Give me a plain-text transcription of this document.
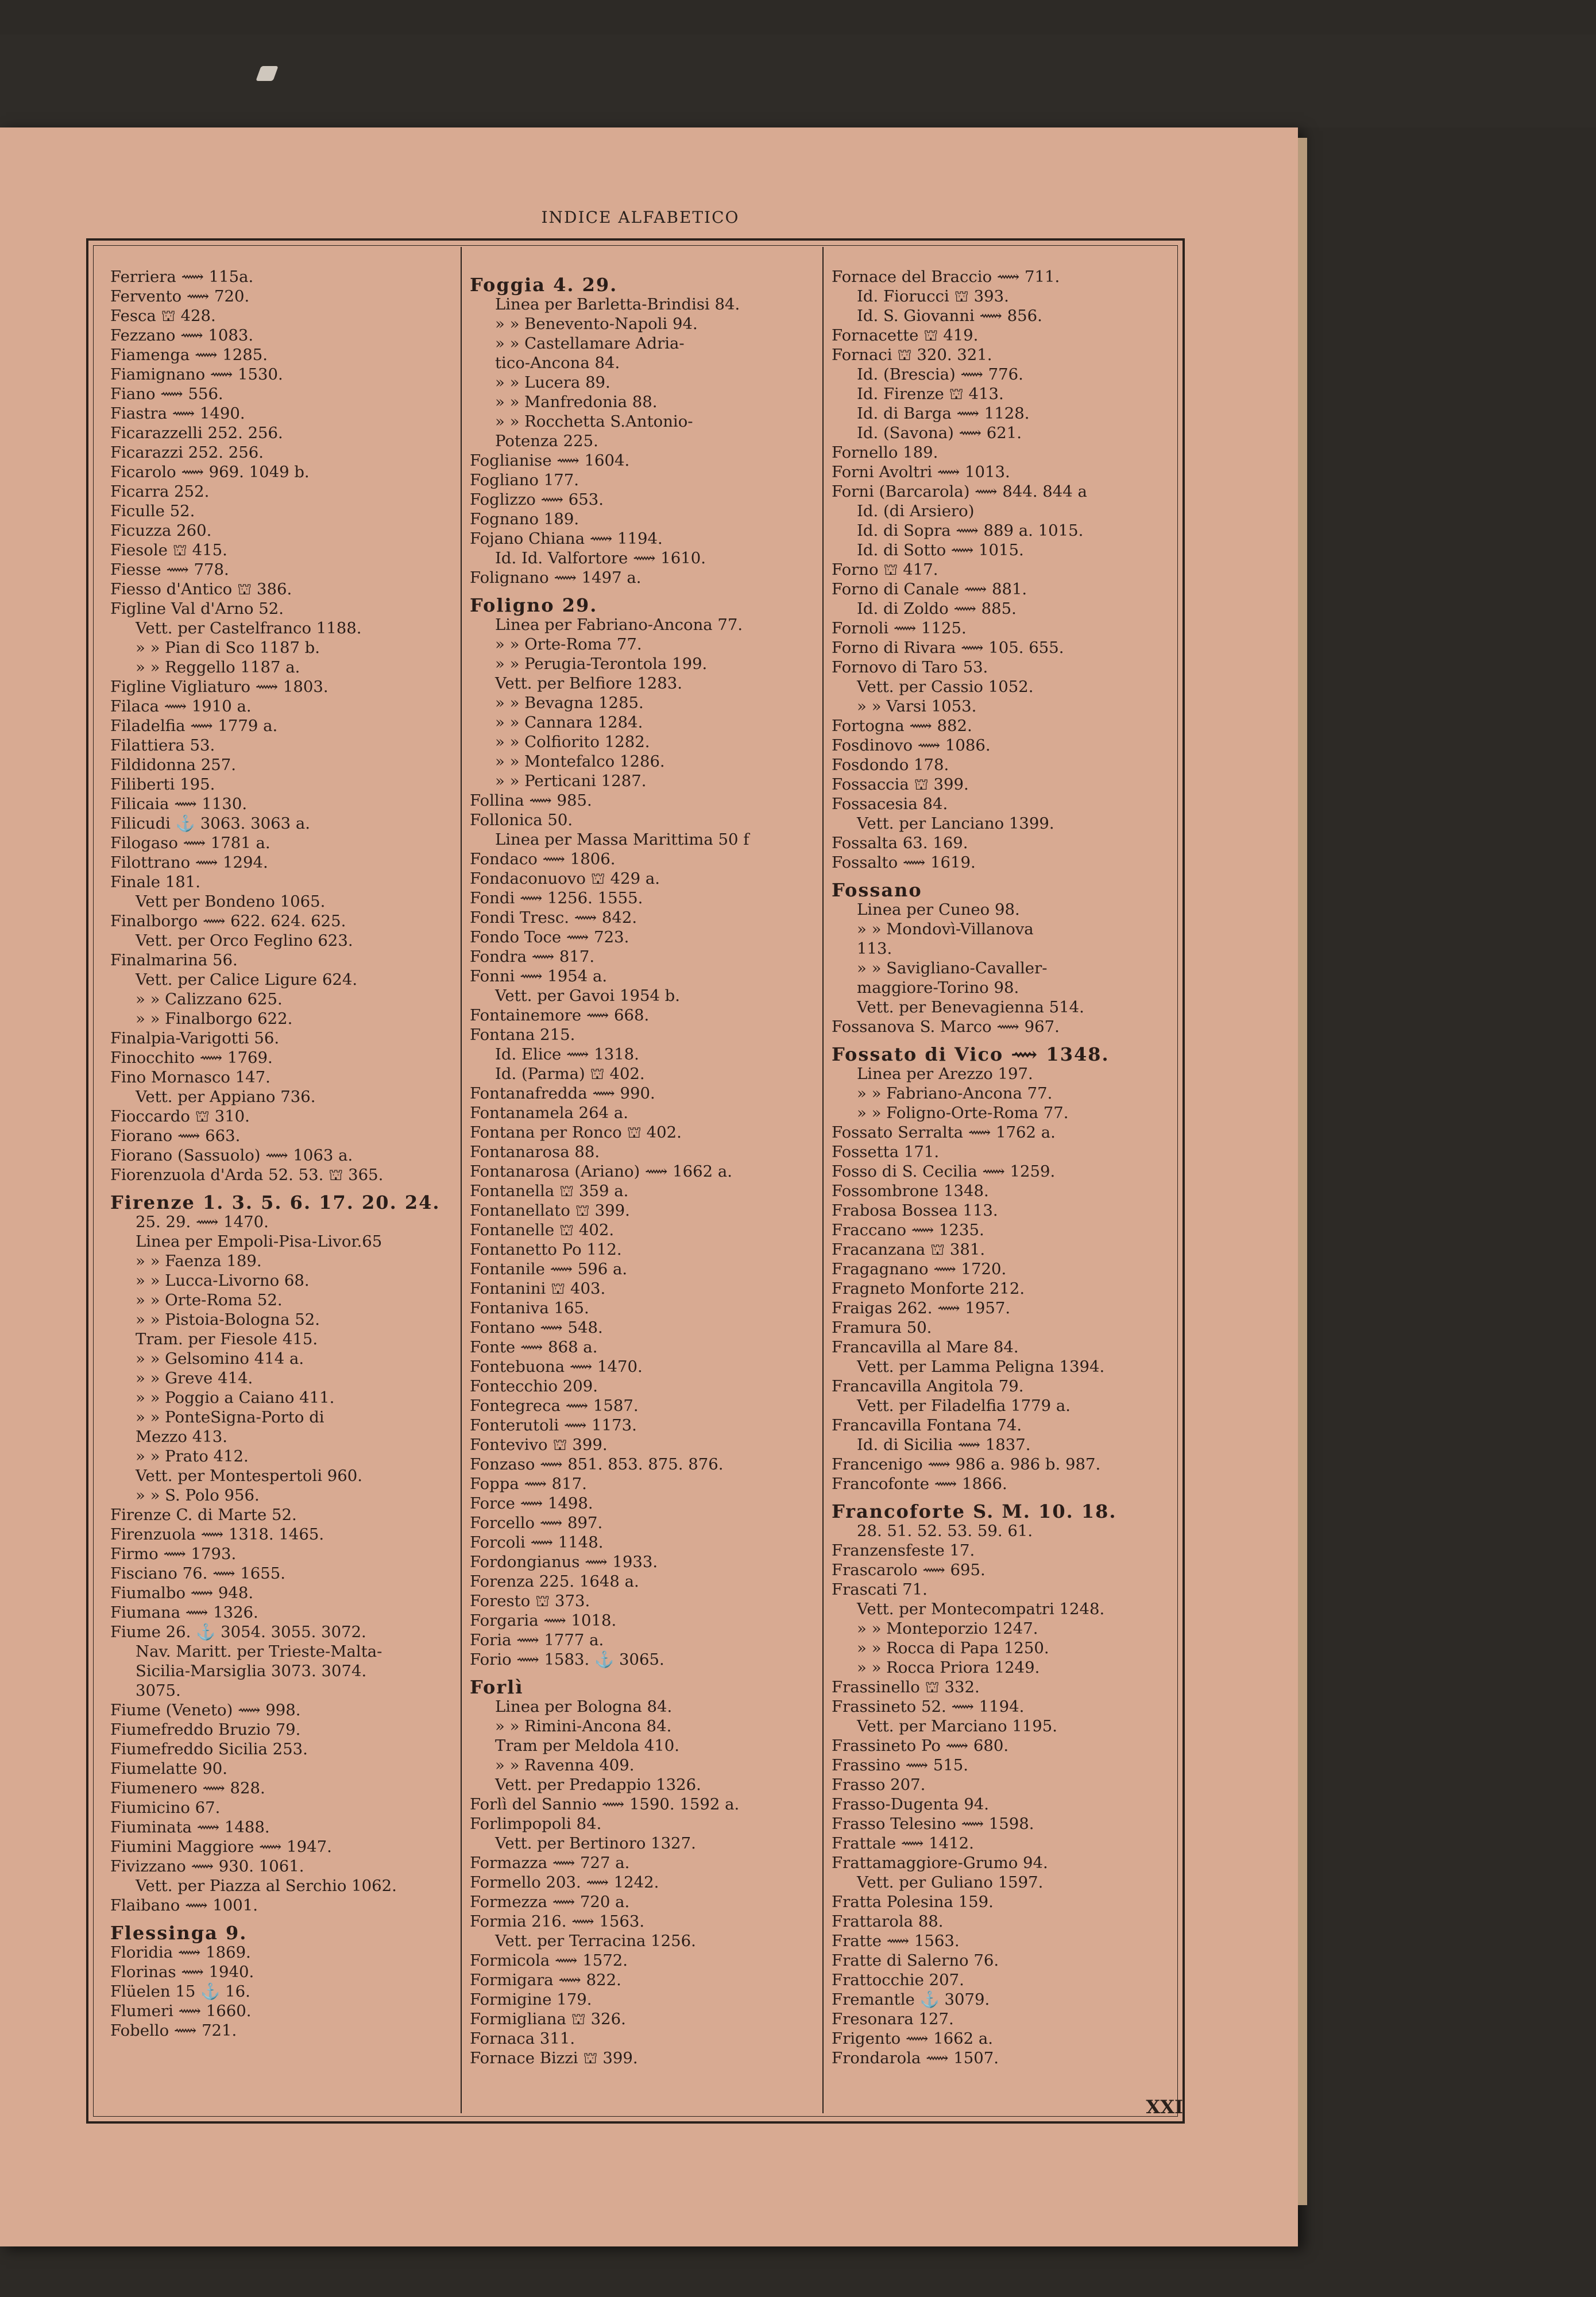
INDICE ALFABETICO
Ferriera ⟿ 115a.
Fervento ⟿ 720.
Fesca ⛫ 428.
Fezzano ⟿ 1083.
Fiamenga ⟿ 1285.
Fiamignano ⟿ 1530.
Fiano ⟿ 556.
Fiastra ⟿ 1490.
Ficarazzelli 252. 256.
Ficarazzi 252. 256.
Ficarolo ⟿ 969. 1049 b.
Ficarra 252.
Ficulle 52.
Ficuzza 260.
Fiesole ⛫ 415.
Fiesse ⟿ 778.
Fiesso d'Antico ⛫ 386.
Figline Val d'Arno 52.
Vett. per Castelfranco 1188.
» » Pian di Sco 1187 b.
» » Reggello 1187 a.
Figline Vigliaturo ⟿ 1803.
Filaca ⟿ 1910 a.
Filadelfia ⟿ 1779 a.
Filattiera 53.
Fildidonna 257.
Filiberti 195.
Filicaia ⟿ 1130.
Filicudi ⚓ 3063. 3063 a.
Filogaso ⟿ 1781 a.
Filottrano ⟿ 1294.
Finale 181.
Vett per Bondeno 1065.
Finalborgo ⟿ 622. 624. 625.
Vett. per Orco Feglino 623.
Finalmarina 56.
Vett. per Calice Ligure 624.
» » Calizzano 625.
» » Finalborgo 622.
Finalpia-Varigotti 56.
Finocchito ⟿ 1769.
Fino Mornasco 147.
Vett. per Appiano 736.
Fioccardo ⛫ 310.
Fiorano ⟿ 663.
Fiorano (Sassuolo) ⟿ 1063 a.
Fiorenzuola d'Arda 52. 53. ⛫ 365.
Firenze 1. 3. 5. 6. 17. 20. 24.
25. 29. ⟿ 1470.
Linea per Empoli-Pisa-Livor.65
» » Faenza 189.
» » Lucca-Livorno 68.
» » Orte-Roma 52.
» » Pistoia-Bologna 52.
Tram. per Fiesole 415.
» » Gelsomino 414 a.
» » Greve 414.
» » Poggio a Caiano 411.
» » PonteSigna-Porto di
Mezzo 413.
» » Prato 412.
Vett. per Montespertoli 960.
» » S. Polo 956.
Firenze C. di Marte 52.
Firenzuola ⟿ 1318. 1465.
Firmo ⟿ 1793.
Fisciano 76. ⟿ 1655.
Fiumalbo ⟿ 948.
Fiumana ⟿ 1326.
Fiume 26. ⚓ 3054. 3055. 3072.
Nav. Maritt. per Trieste-Malta-
Sicilia-Marsiglia 3073. 3074.
3075.
Fiume (Veneto) ⟿ 998.
Fiumefreddo Bruzio 79.
Fiumefreddo Sicilia 253.
Fiumelatte 90.
Fiumenero ⟿ 828.
Fiumicino 67.
Fiuminata ⟿ 1488.
Fiumini Maggiore ⟿ 1947.
Fivizzano ⟿ 930. 1061.
Vett. per Piazza al Serchio 1062.
Flaibano ⟿ 1001.
Flessinga 9.
Floridia ⟿ 1869.
Florinas ⟿ 1940.
Flüelen 15 ⚓ 16.
Flumeri ⟿ 1660.
Fobello ⟿ 721.
Foggia 4. 29.
Linea per Barletta-Brindisi 84.
» » Benevento-Napoli 94.
» » Castellamare Adria-
tico-Ancona 84.
» » Lucera 89.
» » Manfredonia 88.
» » Rocchetta S.Antonio-
Potenza 225.
Foglianise ⟿ 1604.
Fogliano 177.
Foglizzo ⟿ 653.
Fognano 189.
Fojano Chiana ⟿ 1194.
Id. Id. Valfortore ⟿ 1610.
Folignano ⟿ 1497 a.
Foligno 29.
Linea per Fabriano-Ancona 77.
» » Orte-Roma 77.
» » Perugia-Terontola 199.
Vett. per Belfiore 1283.
» » Bevagna 1285.
» » Cannara 1284.
» » Colfiorito 1282.
» » Montefalco 1286.
» » Perticani 1287.
Follina ⟿ 985.
Follonica 50.
Linea per Massa Marittima 50 f
Fondaco ⟿ 1806.
Fondaconuovo ⛫ 429 a.
Fondi ⟿ 1256. 1555.
Fondi Tresc. ⟿ 842.
Fondo Toce ⟿ 723.
Fondra ⟿ 817.
Fonni ⟿ 1954 a.
Vett. per Gavoi 1954 b.
Fontainemore ⟿ 668.
Fontana 215.
Id. Elice ⟿ 1318.
Id. (Parma) ⛫ 402.
Fontanafredda ⟿ 990.
Fontanamela 264 a.
Fontana per Ronco ⛫ 402.
Fontanarosa 88.
Fontanarosa (Ariano) ⟿ 1662 a.
Fontanella ⛫ 359 a.
Fontanellato ⛫ 399.
Fontanelle ⛫ 402.
Fontanetto Po 112.
Fontanile ⟿ 596 a.
Fontanini ⛫ 403.
Fontaniva 165.
Fontano ⟿ 548.
Fonte ⟿ 868 a.
Fontebuona ⟿ 1470.
Fontecchio 209.
Fontegreca ⟿ 1587.
Fonterutoli ⟿ 1173.
Fontevivo ⛫ 399.
Fonzaso ⟿ 851. 853. 875. 876.
Foppa ⟿ 817.
Force ⟿ 1498.
Forcello ⟿ 897.
Forcoli ⟿ 1148.
Fordongianus ⟿ 1933.
Forenza 225. 1648 a.
Foresto ⛫ 373.
Forgaria ⟿ 1018.
Foria ⟿ 1777 a.
Forio ⟿ 1583. ⚓ 3065.
Forlì
Linea per Bologna 84.
» » Rimini-Ancona 84.
Tram per Meldola 410.
» » Ravenna 409.
Vett. per Predappio 1326.
Forlì del Sannio ⟿ 1590. 1592 a.
Forlimpopoli 84.
Vett. per Bertinoro 1327.
Formazza ⟿ 727 a.
Formello 203. ⟿ 1242.
Formezza ⟿ 720 a.
Formia 216. ⟿ 1563.
Vett. per Terracina 1256.
Formicola ⟿ 1572.
Formigara ⟿ 822.
Formigine 179.
Formigliana ⛫ 326.
Fornaca 311.
Fornace Bizzi ⛫ 399.
Fornace del Braccio ⟿ 711.
Id. Fiorucci ⛫ 393.
Id. S. Giovanni ⟿ 856.
Fornacette ⛫ 419.
Fornaci ⛫ 320. 321.
Id. (Brescia) ⟿ 776.
Id. Firenze ⛫ 413.
Id. di Barga ⟿ 1128.
Id. (Savona) ⟿ 621.
Fornello 189.
Forni Avoltri ⟿ 1013.
Forni (Barcarola) ⟿ 844. 844 a
Id. (di Arsiero)
Id. di Sopra ⟿ 889 a. 1015.
Id. di Sotto ⟿ 1015.
Forno ⛫ 417.
Forno di Canale ⟿ 881.
Id. di Zoldo ⟿ 885.
Fornoli ⟿ 1125.
Forno di Rivara ⟿ 105. 655.
Fornovo di Taro 53.
Vett. per Cassio 1052.
» » Varsi 1053.
Fortogna ⟿ 882.
Fosdinovo ⟿ 1086.
Fosdondo 178.
Fossaccia ⛫ 399.
Fossacesia 84.
Vett. per Lanciano 1399.
Fossalta 63. 169.
Fossalto ⟿ 1619.
Fossano
Linea per Cuneo 98.
» » Mondovì-Villanova
113.
» » Savigliano-Cavaller-
maggiore-Torino 98.
Vett. per Benevagienna 514.
Fossanova S. Marco ⟿ 967.
Fossato di Vico ⟿ 1348.
Linea per Arezzo 197.
» » Fabriano-Ancona 77.
» » Foligno-Orte-Roma 77.
Fossato Serralta ⟿ 1762 a.
Fossetta 171.
Fosso di S. Cecilia ⟿ 1259.
Fossombrone 1348.
Frabosa Bossea 113.
Fraccano ⟿ 1235.
Fracanzana ⛫ 381.
Fragagnano ⟿ 1720.
Fragneto Monforte 212.
Fraigas 262. ⟿ 1957.
Framura 50.
Francavilla al Mare 84.
Vett. per Lamma Peligna 1394.
Francavilla Angitola 79.
Vett. per Filadelfia 1779 a.
Francavilla Fontana 74.
Id. di Sicilia ⟿ 1837.
Francenigo ⟿ 986 a. 986 b. 987.
Francofonte ⟿ 1866.
Francoforte S. M. 10. 18.
28. 51. 52. 53. 59. 61.
Franzensfeste 17.
Frascarolo ⟿ 695.
Frascati 71.
Vett. per Montecompatri 1248.
» » Monteporzio 1247.
» » Rocca di Papa 1250.
» » Rocca Priora 1249.
Frassinello ⛫ 332.
Frassineto 52. ⟿ 1194.
Vett. per Marciano 1195.
Frassineto Po ⟿ 680.
Frassino ⟿ 515.
Frasso 207.
Frasso-Dugenta 94.
Frasso Telesino ⟿ 1598.
Frattale ⟿ 1412.
Frattamaggiore-Grumo 94.
Vett. per Guliano 1597.
Fratta Polesina 159.
Frattarola 88.
Fratte ⟿ 1563.
Fratte di Salerno 76.
Frattocchie 207.
Fremantle ⚓ 3079.
Fresonara 127.
Frigento ⟿ 1662 a.
Frondarola ⟿ 1507.
XXI
